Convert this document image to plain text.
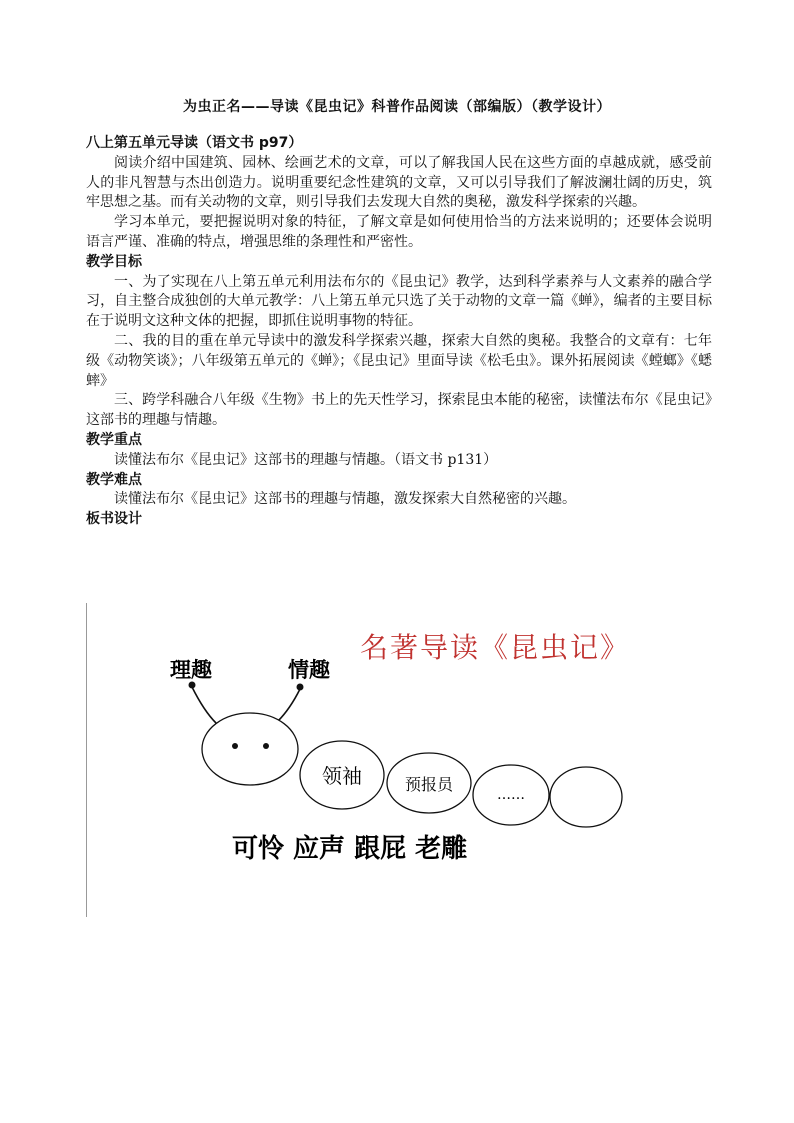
为虫正名——导读《昆虫记》科普作品阅读（部编版）（教学设计）

八上第五单元导读（语文书 p97）

阅读介绍中国建筑、园林、绘画艺术的文章，可以了解我国人民在这些方面的卓越成就，感受前人的非凡智慧与杰出创造力。说明重要纪念性建筑的文章，又可以引导我们了解波澜壮阔的历史，筑牢思想之基。而有关动物的文章，则引导我们去发现大自然的奥秘，激发科学探索的兴趣。

学习本单元，要把握说明对象的特征，了解文章是如何使用恰当的方法来说明的；还要体会说明语言严谨、准确的特点，增强思维的条理性和严密性。

教学目标

一、为了实现在八上第五单元利用法布尔的《昆虫记》教学，达到科学素养与人文素养的融合学习，自主整合成独创的大单元教学：八上第五单元只选了关于动物的文章一篇《蝉》，编者的主要目标在于说明文这种文体的把握，即抓住说明事物的特征。

二、我的目的重在单元导读中的激发科学探索兴趣，探索大自然的奥秘。我整合的文章有：七年级《动物笑谈》；八年级第五单元的《蝉》；《昆虫记》里面导读《松毛虫》。课外拓展阅读《螳螂》《蟋蟀》

三、跨学科融合八年级《生物》书上的先天性学习，探索昆虫本能的秘密，读懂法布尔《昆虫记》这部书的理趣与情趣。

教学重点

读懂法布尔《昆虫记》这部书的理趣与情趣。（语文书 p131）

教学难点

读懂法布尔《昆虫记》这部书的理趣与情趣，激发探索大自然秘密的兴趣。

板书设计

名著导读《昆虫记》
理趣	情趣
领袖	预报员
……
可怜 应声 跟屁 老雕
